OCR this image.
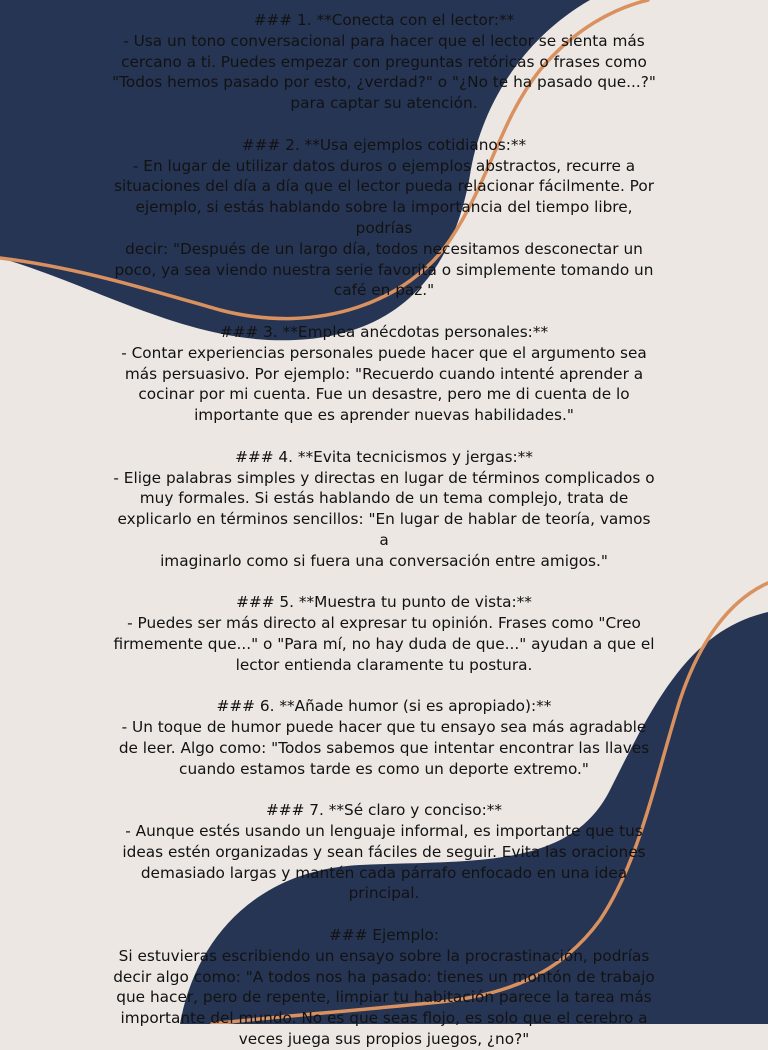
### 1. **Conecta con el lector:**
- Usa un tono conversacional para hacer que el lector se sienta más
cercano a ti. Puedes empezar con preguntas retóricas o frases como
"Todos hemos pasado por esto, ¿verdad?" o "¿No te ha pasado que...?"
para captar su atención.
### 2. **Usa ejemplos cotidianos:**
- En lugar de utilizar datos duros o ejemplos abstractos, recurre a
situaciones del día a día que el lector pueda relacionar fácilmente. Por
ejemplo, si estás hablando sobre la importancia del tiempo libre, podrías
decir: "Después de un largo día, todos necesitamos desconectar un
poco, ya sea viendo nuestra serie favorita o simplemente tomando un
café en paz."
### 3. **Emplea anécdotas personales:**
- Contar experiencias personales puede hacer que el argumento sea
más persuasivo. Por ejemplo: "Recuerdo cuando intenté aprender a
cocinar por mi cuenta. Fue un desastre, pero me di cuenta de lo
importante que es aprender nuevas habilidades."
### 4. **Evita tecnicismos y jergas:**
- Elige palabras simples y directas en lugar de términos complicados o
muy formales. Si estás hablando de un tema complejo, trata de
explicarlo en términos sencillos: "En lugar de hablar de teoría, vamos a
imaginarlo como si fuera una conversación entre amigos."
### 5. **Muestra tu punto de vista:**
- Puedes ser más directo al expresar tu opinión. Frases como "Creo
firmemente que..." o "Para mí, no hay duda de que..." ayudan a que el
lector entienda claramente tu postura.
### 6. **Añade humor (si es apropiado):**
- Un toque de humor puede hacer que tu ensayo sea más agradable
de leer. Algo como: "Todos sabemos que intentar encontrar las llaves
cuando estamos tarde es como un deporte extremo."
### 7. **Sé claro y conciso:**
- Aunque estés usando un lenguaje informal, es importante que tus
ideas estén organizadas y sean fáciles de seguir. Evita las oraciones
demasiado largas y mantén cada párrafo enfocado en una idea
principal.
### Ejemplo:
Si estuvieras escribiendo un ensayo sobre la procrastinación, podrías
decir algo como: "A todos nos ha pasado: tienes un montón de trabajo
que hacer, pero de repente, limpiar tu habitación parece la tarea más
importante del mundo. No es que seas flojo, es solo que el cerebro a
veces juega sus propios juegos, ¿no?"
